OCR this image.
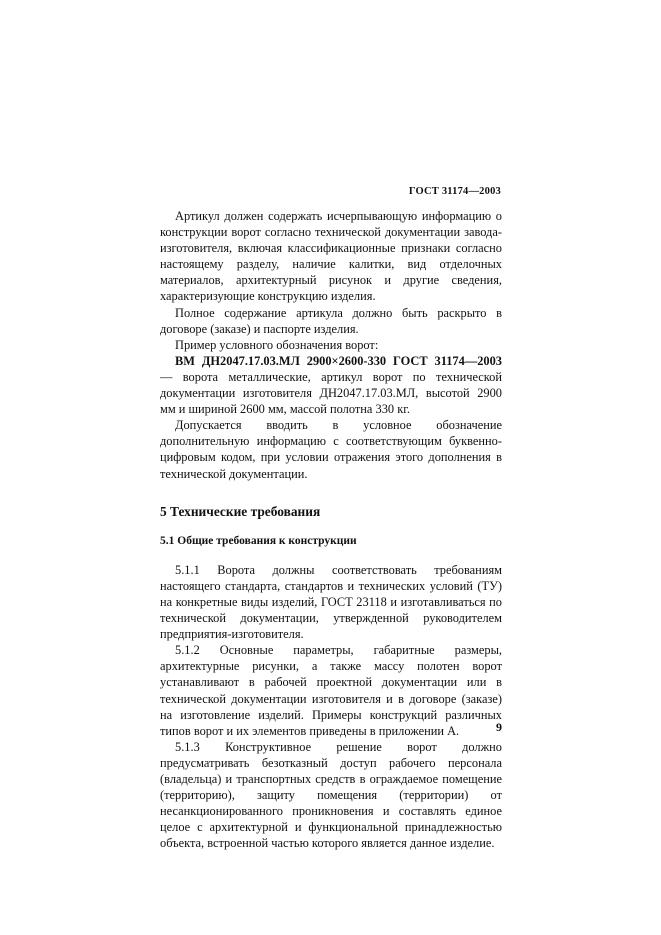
ГОСТ 31174—2003

Артикул должен содержать исчерпывающую информацию о конструкции ворот согласно технической документации завода-изготовителя, включая классификационные признаки согласно настоящему разделу, наличие калитки, вид отделочных материалов, архитектурный рисунок и другие сведения, характеризующие конструкцию изделия.

Полное содержание артикула должно быть раскрыто в договоре (заказе) и паспорте изделия.

Пример условного обозначения ворот:

ВМ ДН2047.17.03.МЛ 2900×2600-330 ГОСТ 31174—2003 — ворота металлические, артикул ворот по технической документации изготовителя ДН2047.17.03.МЛ, высотой 2900 мм и шириной 2600 мм, массой полотна 330 кг.

Допускается вводить в условное обозначение дополнительную информацию с соответствующим буквенно-цифровым кодом, при условии отражения этого дополнения в технической документации.

5 Технические требования

5.1 Общие требования к конструкции

5.1.1 Ворота должны соответствовать требованиям настоящего стандарта, стандартов и технических условий (ТУ) на конкретные виды изделий, ГОСТ 23118 и изготавливаться по технической документации, утвержденной руководителем предприятия-изготовителя.

5.1.2 Основные параметры, габаритные размеры, архитектурные рисунки, а также массу полотен ворот устанавливают в рабочей проектной документации или в технической документации изготовителя и в договоре (заказе) на изготовление изделий. Примеры конструкций различных типов ворот и их элементов приведены в приложении А.

5.1.3 Конструктивное решение ворот должно предусматривать безотказный доступ рабочего персонала (владельца) и транспортных средств в ограждаемое помещение (территорию), защиту помещения (территории) от несанкционированного проникновения и составлять единое целое с архитектурной и функциональной принадлежностью объекта, встроенной частью которого является данное изделие.

9
